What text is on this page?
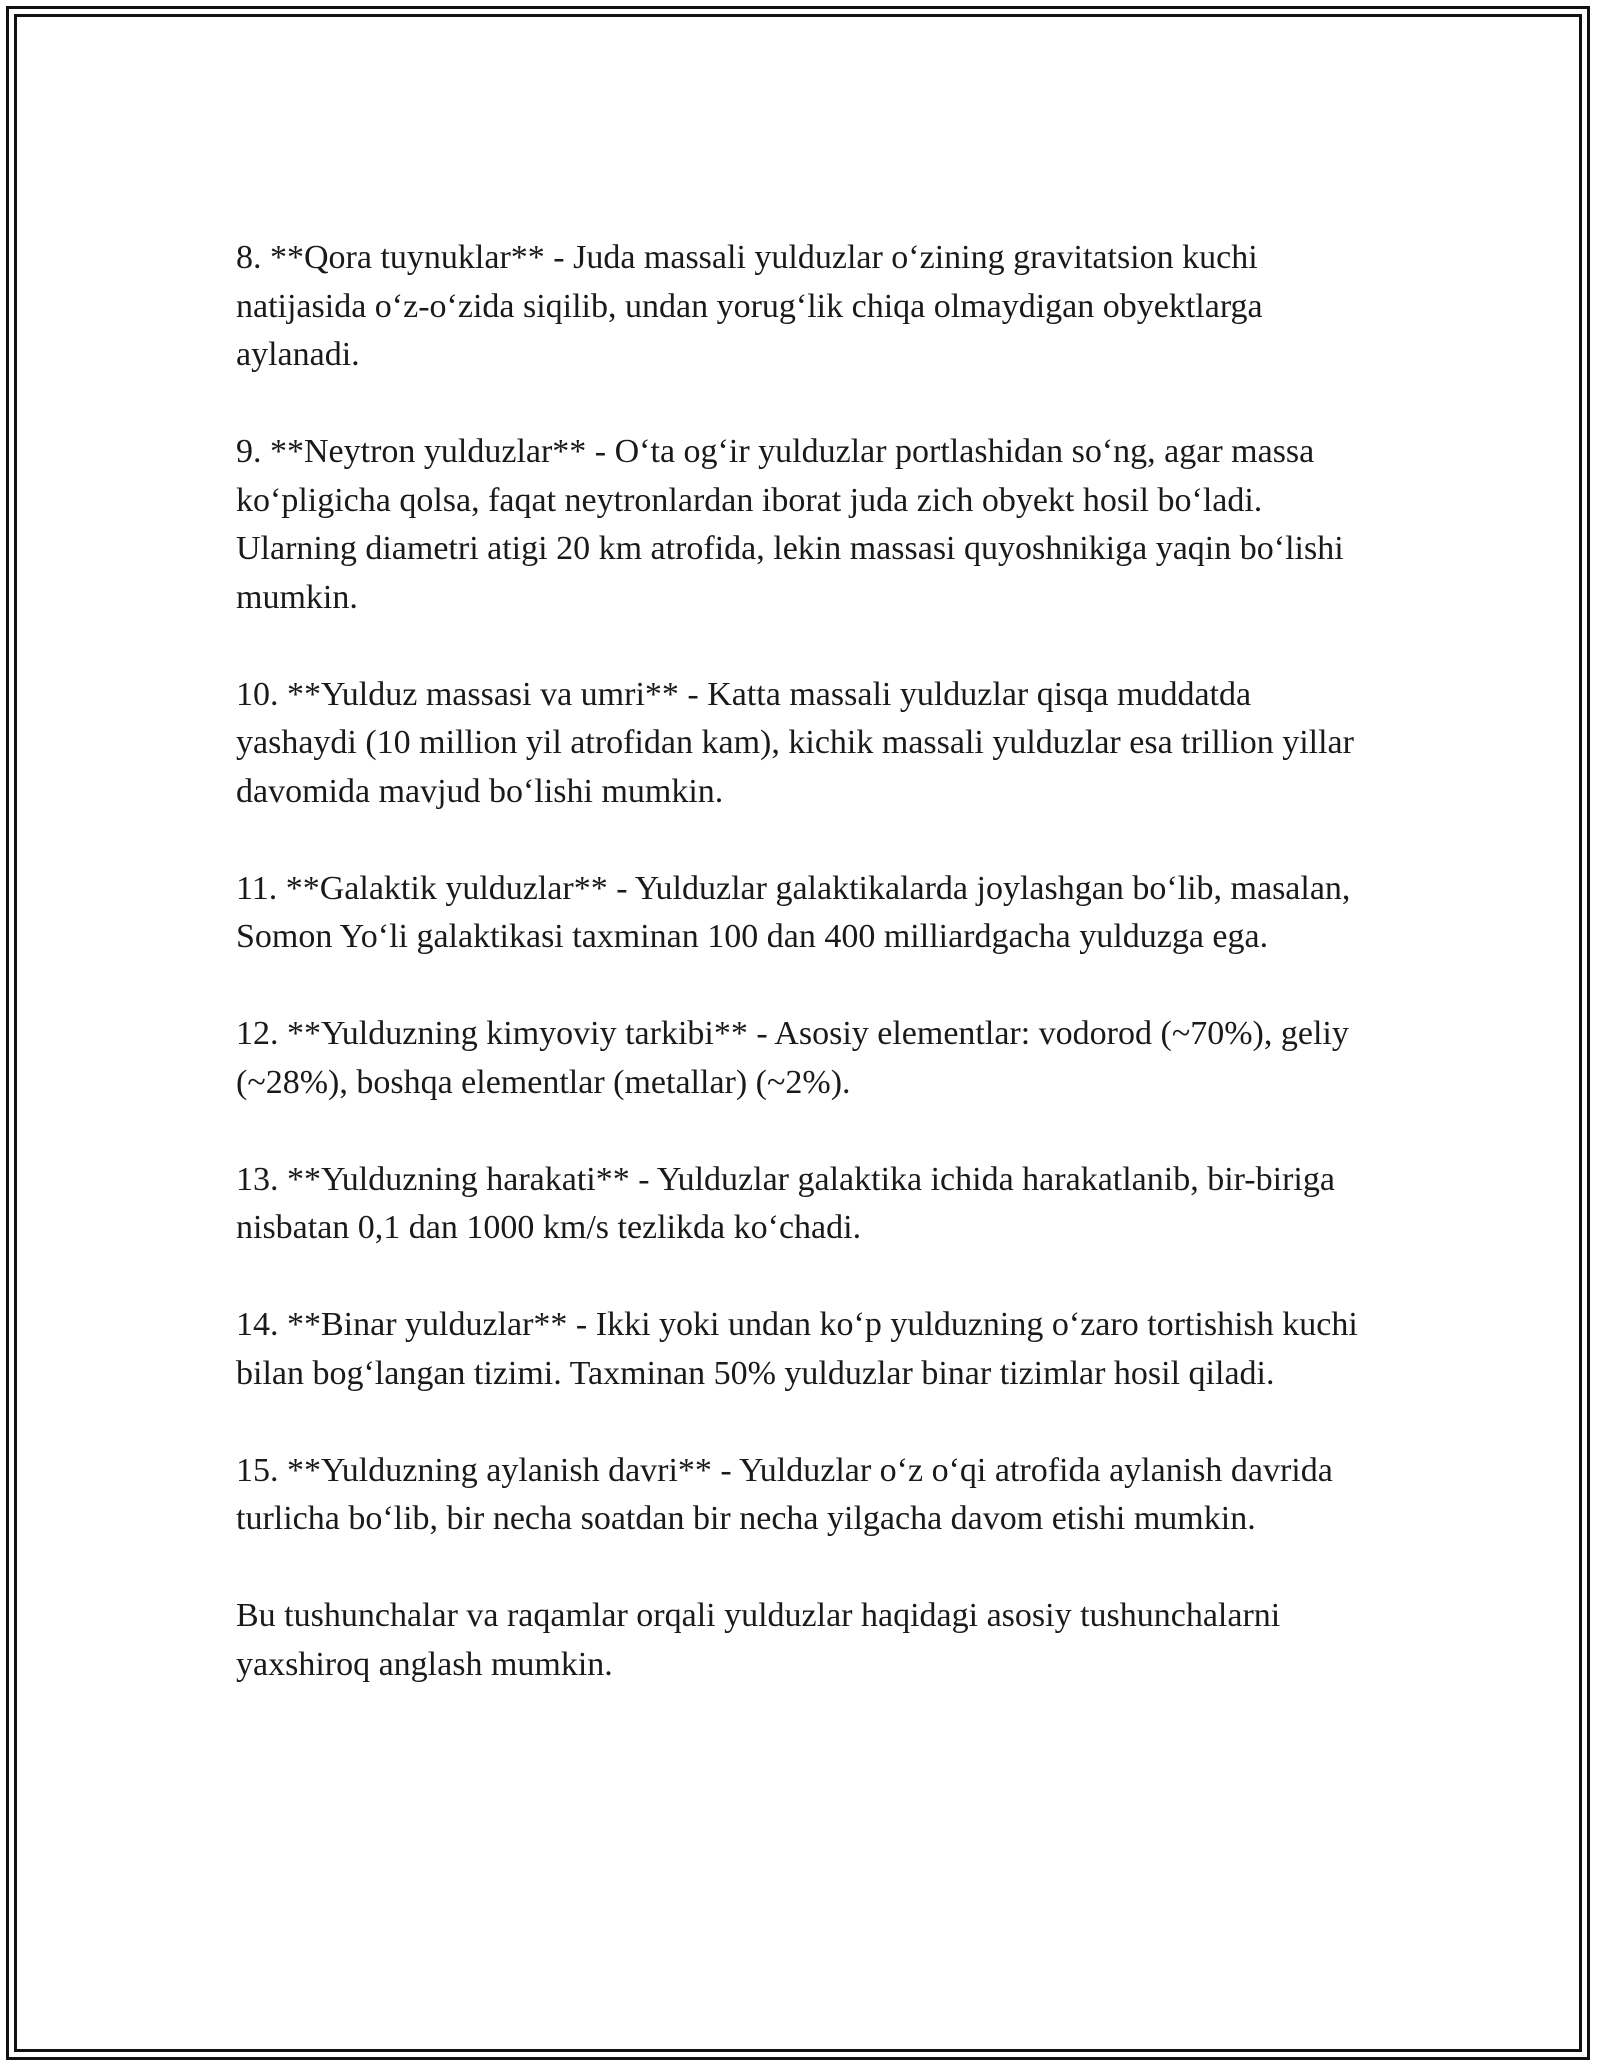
8. **Qora tuynuklar** - Juda massali yulduzlar o‘zining gravitatsion kuchi natijasida o‘z-o‘zida siqilib, undan yorug‘lik chiqa olmaydigan obyektlarga aylanadi.

9. **Neytron yulduzlar** - O‘ta og‘ir yulduzlar portlashidan so‘ng, agar massa ko‘pligicha qolsa, faqat neytronlardan iborat juda zich obyekt hosil bo‘ladi. Ularning diametri atigi 20 km atrofida, lekin massasi quyoshnikiga yaqin bo‘lishi mumkin.

10. **Yulduz massasi va umri** - Katta massali yulduzlar qisqa muddatda yashaydi (10 million yil atrofidan kam), kichik massali yulduzlar esa trillion yillar davomida mavjud bo‘lishi mumkin.

11. **Galaktik yulduzlar** - Yulduzlar galaktikalarda joylashgan bo‘lib, masalan, Somon Yo‘li galaktikasi taxminan 100 dan 400 milliardgacha yulduzga ega.

12. **Yulduzning kimyoviy tarkibi** - Asosiy elementlar: vodorod (~70%), geliy (~28%), boshqa elementlar (metallar) (~2%).

13. **Yulduzning harakati** - Yulduzlar galaktika ichida harakatlanib, bir-biriga nisbatan 0,1 dan 1000 km/s tezlikda ko‘chadi.

14. **Binar yulduzlar** - Ikki yoki undan ko‘p yulduzning o‘zaro tortishish kuchi bilan bog‘langan tizimi. Taxminan 50% yulduzlar binar tizimlar hosil qiladi.

15. **Yulduzning aylanish davri** - Yulduzlar o‘z o‘qi atrofida aylanish davrida turlicha bo‘lib, bir necha soatdan bir necha yilgacha davom etishi mumkin.

Bu tushunchalar va raqamlar orqali yulduzlar haqidagi asosiy tushunchalarni yaxshiroq anglash mumkin.
